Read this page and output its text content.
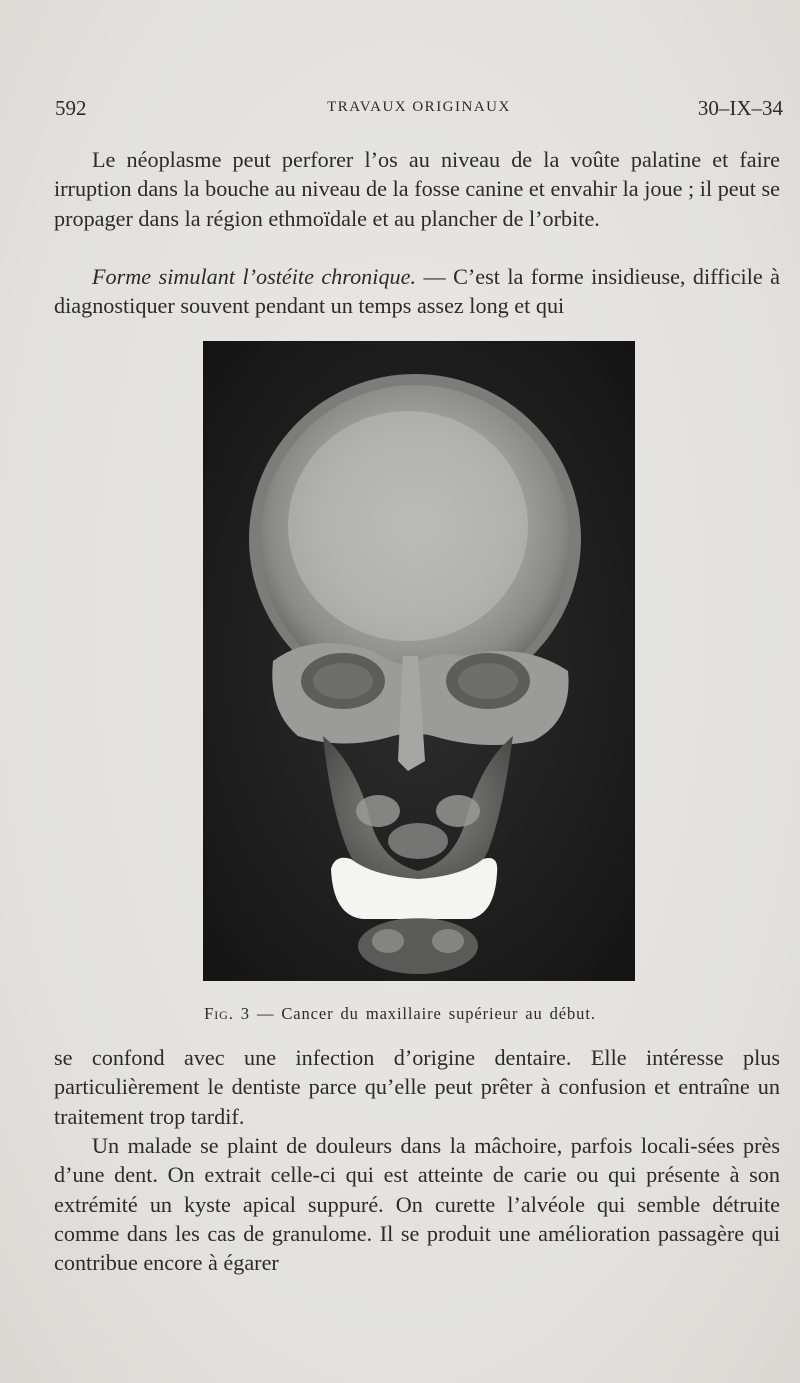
592	TRAVAUX ORIGINAUX	30–IX–34

Le néoplasme peut perforer l’os au niveau de la voûte palatine et faire irruption dans la bouche au niveau de la fosse canine et envahir la joue ; il peut se propager dans la région ethmoïdale et au plancher de l’orbite.

Forme simulant l’ostéite chronique. — C’est la forme insidieuse, difficile à diagnostiquer souvent pendant un temps assez long et qui

Fig. 3 — Cancer du maxillaire supérieur au début.

se confond avec une infection d’origine dentaire. Elle intéresse plus particulièrement le dentiste parce qu’elle peut prêter à confusion et entraîne un traitement trop tardif.

Un malade se plaint de douleurs dans la mâchoire, parfois locali-sées près d’une dent. On extrait celle-ci qui est atteinte de carie ou qui présente à son extrémité un kyste apical suppuré. On curette l’alvéole qui semble détruite comme dans les cas de granulome. Il se produit une amélioration passagère qui contribue encore à égarer
